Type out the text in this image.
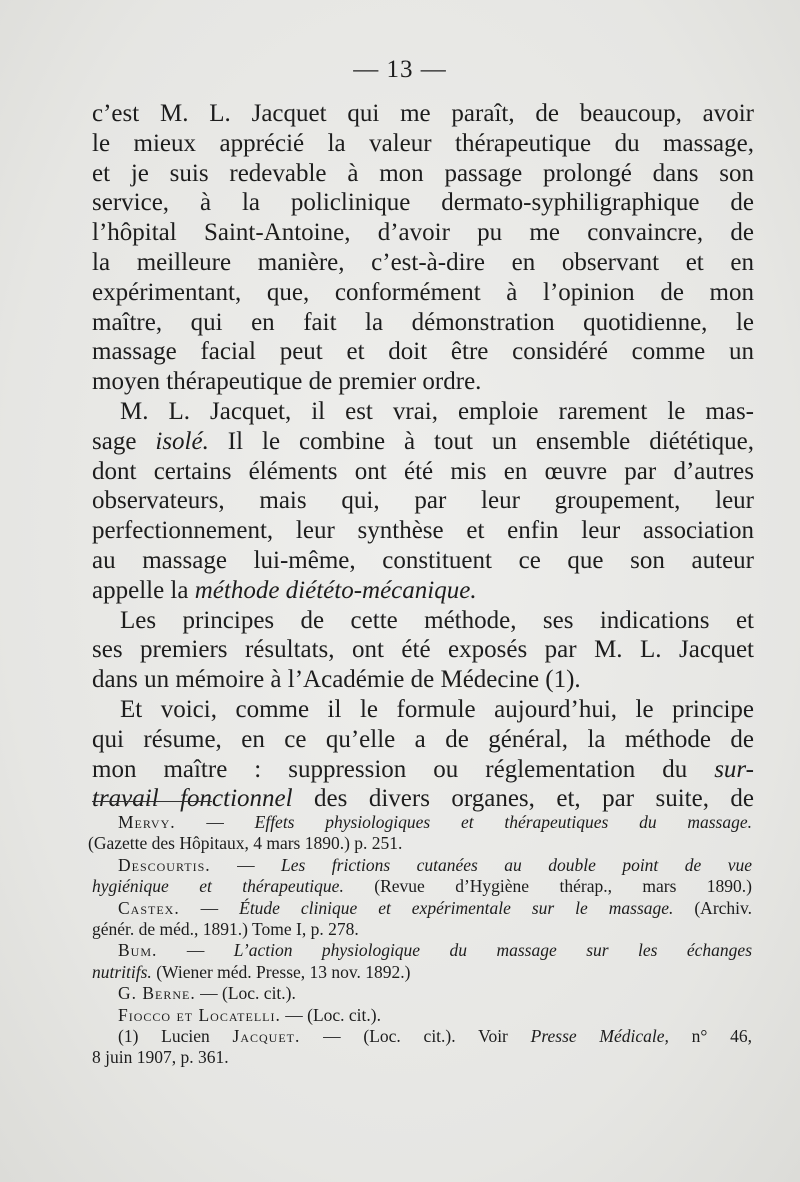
— 13 —
c’est M. L. Jacquet qui me paraît, de beaucoup, avoir
le mieux apprécié la valeur thérapeutique du massage,
et je suis redevable à mon passage prolongé dans son
service, à la policlinique dermato-syphiligraphique de
l’hôpital Saint-Antoine, d’avoir pu me convaincre, de
la meilleure manière, c’est-à-dire en observant et en
expérimentant, que, conformément à l’opinion de mon
maître, qui en fait la démonstration quotidienne, le
massage facial peut et doit être considéré comme un
moyen thérapeutique de premier ordre.
M. L. Jacquet, il est vrai, emploie rarement le mas-
sage isolé. Il le combine à tout un ensemble diététique,
dont certains éléments ont été mis en œuvre par d’autres
observateurs, mais qui, par leur groupement, leur
perfectionnement, leur synthèse et enfin leur association
au massage lui-même, constituent ce que son auteur
appelle la méthode diététo-mécanique.
Les principes de cette méthode, ses indications et
ses premiers résultats, ont été exposés par M. L. Jacquet
dans un mémoire à l’Académie de Médecine (1).
Et voici, comme il le formule aujourd’hui, le principe
qui résume, en ce qu’elle a de général, la méthode de
mon maître : suppression ou réglementation du sur-
travail fonctionnel des divers organes, et, par suite, de
Mervy. — Effets physiologiques et thérapeutiques du massage.
(Gazette des Hôpitaux, 4 mars 1890.) p. 251.
Descourtis. — Les frictions cutanées au double point de vue
hygiénique et thérapeutique. (Revue d’Hygiène thérap., mars 1890.)
Castex. — Étude clinique et expérimentale sur le massage. (Archiv.
génér. de méd., 1891.) Tome I, p. 278.
Bum. — L’action physiologique du massage sur les échanges
nutritifs. (Wiener méd. Presse, 13 nov. 1892.)
G. Berne. — (Loc. cit.).
Fiocco et Locatelli. — (Loc. cit.).
(1) Lucien Jacquet. — (Loc. cit.). Voir Presse Médicale, n° 46,
8 juin 1907, p. 361.
